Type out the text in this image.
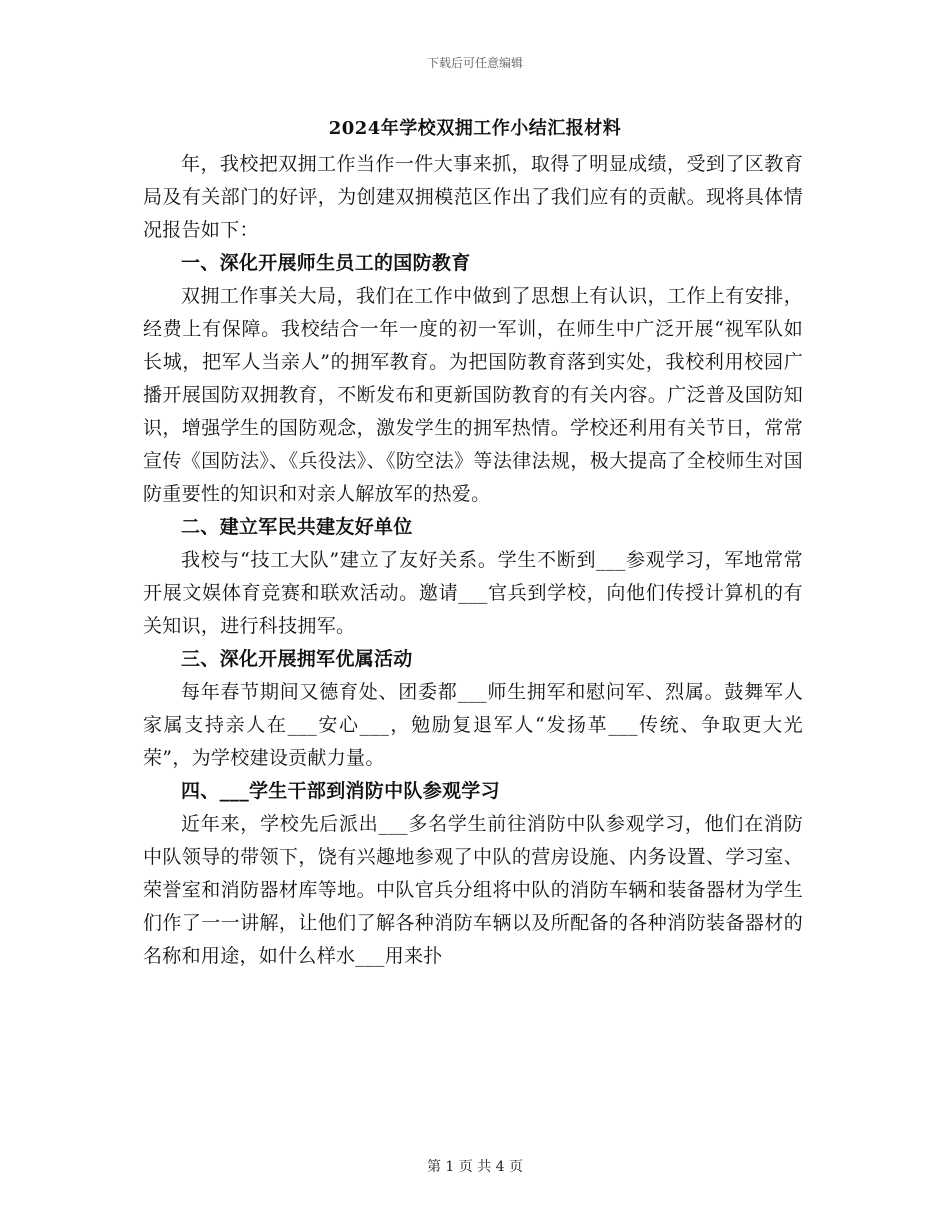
下载后可任意编辑
2024年学校双拥工作小结汇报材料

年，我校把双拥工作当作一件大事来抓，取得了明显成绩，受到了区教育局及有关部门的好评，为创建双拥模范区作出了我们应有的贡献。现将具体情况报告如下：

一、深化开展师生员工的国防教育

双拥工作事关大局，我们在工作中做到了思想上有认识，工作上有安排，经费上有保障。我校结合一年一度的初一军训，在师生中广泛开展“视军队如长城，把军人当亲人”的拥军教育。为把国防教育落到实处，我校利用校园广播开展国防双拥教育，不断发布和更新国防教育的有关内容。广泛普及国防知识，增强学生的国防观念，激发学生的拥军热情。学校还利用有关节日，常常宣传《国防法》、《兵役法》、《防空法》等法律法规，极大提高了全校师生对国防重要性的知识和对亲人解放军的热爱。

二、建立军民共建友好单位

我校与“技工大队”建立了友好关系。学生不断到___参观学习，军地常常开展文娱体育竞赛和联欢活动。邀请___官兵到学校，向他们传授计算机的有关知识，进行科技拥军。

三、深化开展拥军优属活动

每年春节期间又德育处、团委都___师生拥军和慰问军、烈属。鼓舞军人家属支持亲人在___安心___，勉励复退军人“发扬革___传统、争取更大光荣”，为学校建设贡献力量。

四、___学生干部到消防中队参观学习

近年来，学校先后派出___多名学生前往消防中队参观学习，他们在消防中队领导的带领下，饶有兴趣地参观了中队的营房设施、内务设置、学习室、荣誉室和消防器材库等地。中队官兵分组将中队的消防车辆和装备器材为学生们作了一一讲解，让他们了解各种消防车辆以及所配备的各种消防装备器材的名称和用途，如什么样水___用来扑

第 1 页 共 4 页
